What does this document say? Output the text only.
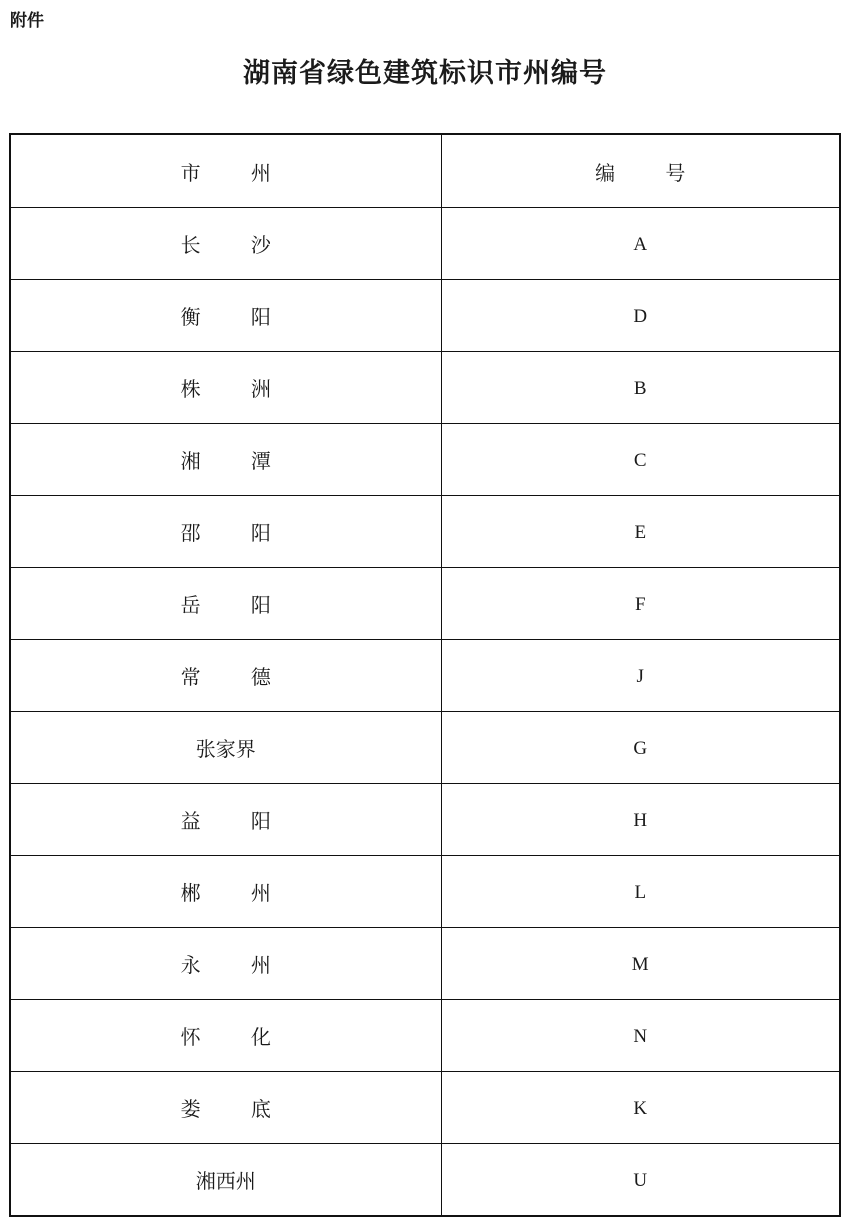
附件
湖南省绿色建筑标识市州编号
市 州	编 号
长 沙	A
衡 阳	D
株 洲	B
湘 潭	C
邵 阳	E
岳 阳	F
常 德	J
张家界	G
益 阳	H
郴 州	L
永 州	M
怀 化	N
娄 底	K
湘西州	U
